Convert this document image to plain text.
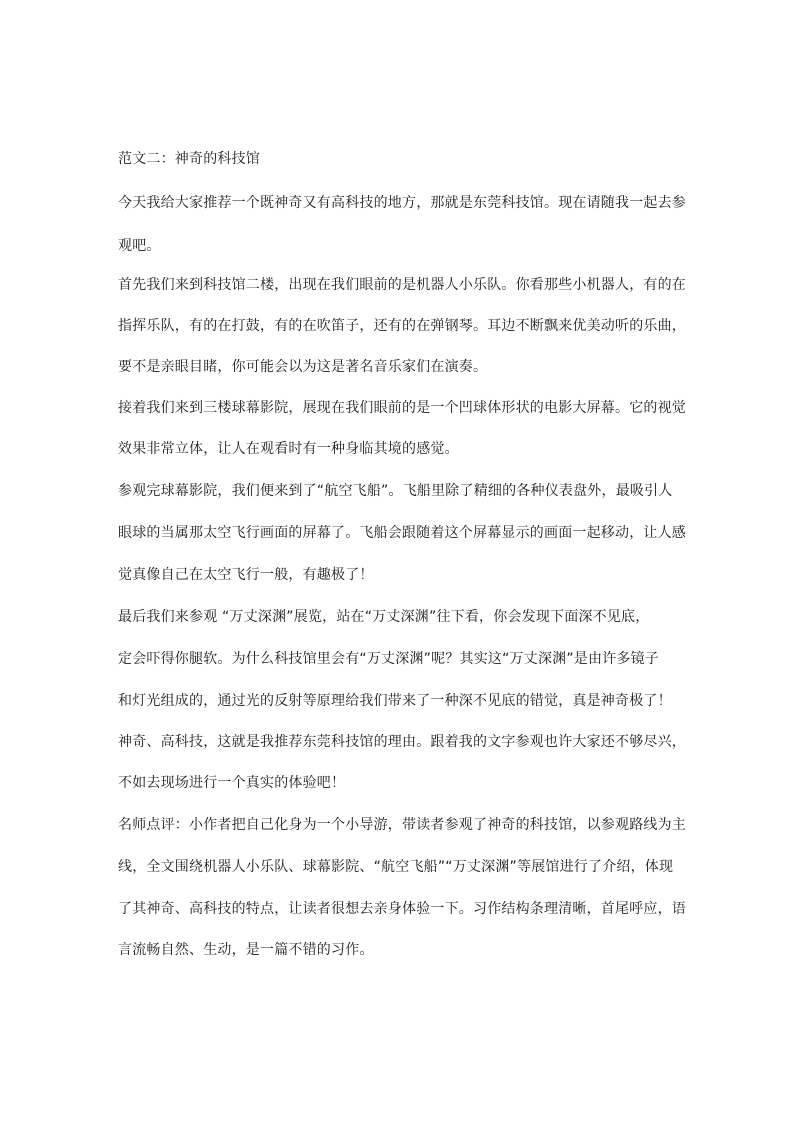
范文二：神奇的科技馆
今天我给大家推荐一个既神奇又有高科技的地方，那就是东莞科技馆。现在请随我一起去参
观吧。
首先我们来到科技馆二楼，出现在我们眼前的是机器人小乐队。你看那些小机器人，有的在
指挥乐队，有的在打鼓，有的在吹笛子，还有的在弹钢琴。耳边不断飘来优美动听的乐曲，
要不是亲眼目睹，你可能会以为这是著名音乐家们在演奏。
接着我们来到三楼球幕影院，展现在我们眼前的是一个凹球体形状的电影大屏幕。它的视觉
效果非常立体，让人在观看时有一种身临其境的感觉。
参观完球幕影院，我们便来到了“航空飞船”。飞船里除了精细的各种仪表盘外，最吸引人
眼球的当属那太空飞行画面的屏幕了。飞船会跟随着这个屏幕显示的画面一起移动，让人感
觉真像自己在太空飞行一般，有趣极了！
最后我们来参观 “万丈深渊”展览，站在“万丈深渊”往下看，你会发现下面深不见底，
定会吓得你腿软。为什么科技馆里会有“万丈深渊”呢？其实这“万丈深渊”是由许多镜子
和灯光组成的，通过光的反射等原理给我们带来了一种深不见底的错觉，真是神奇极了！
神奇、高科技，这就是我推荐东莞科技馆的理由。跟着我的文字参观也许大家还不够尽兴，
不如去现场进行一个真实的体验吧！
名师点评：小作者把自己化身为一个小导游，带读者参观了神奇的科技馆，以参观路线为主
线，全文围绕机器人小乐队、球幕影院、“航空飞船”“万丈深渊”等展馆进行了介绍，体现
了其神奇、高科技的特点，让读者很想去亲身体验一下。习作结构条理清晰，首尾呼应，语
言流畅自然、生动，是一篇不错的习作。
